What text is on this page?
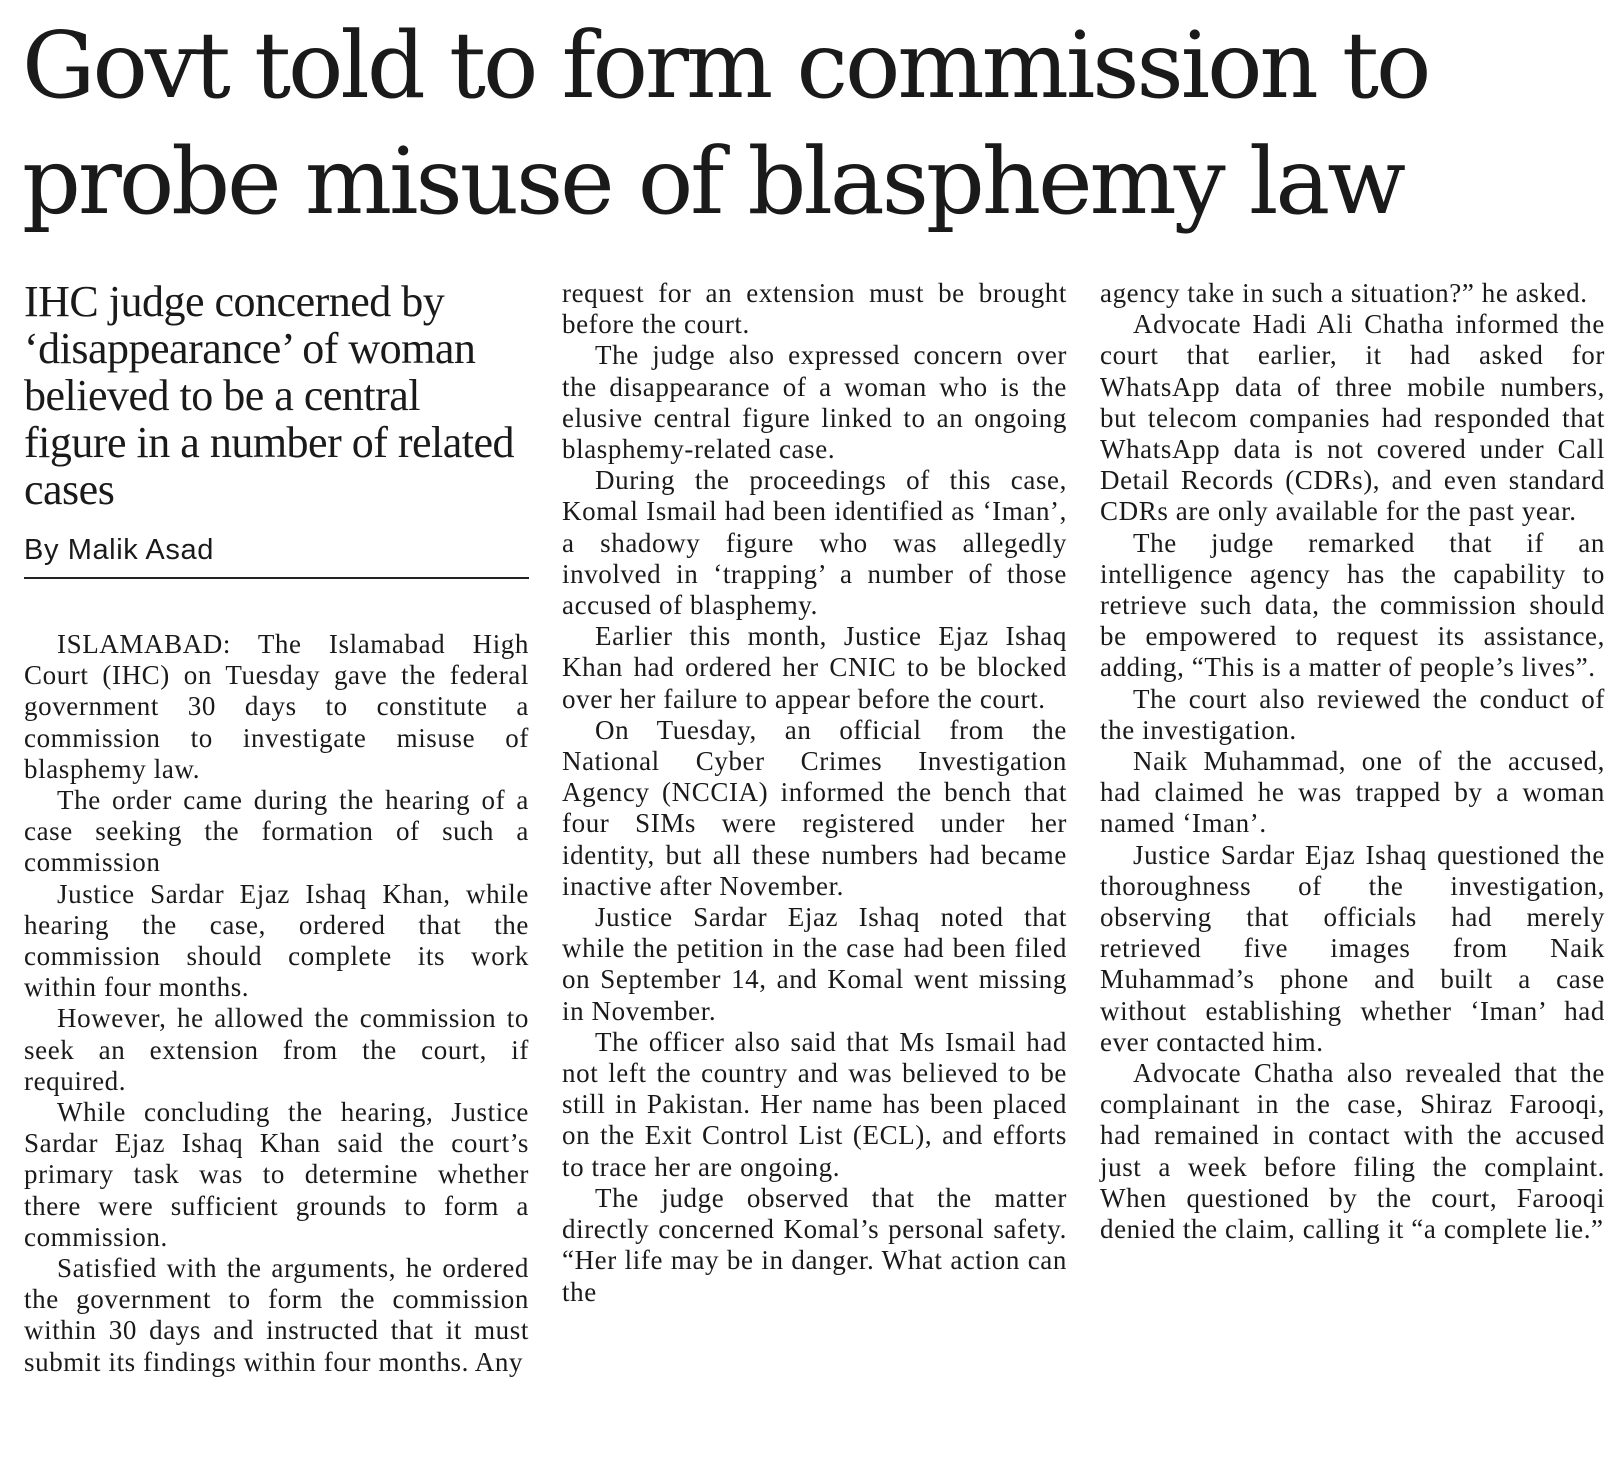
Govt told to form commission to
probe misuse of blasphemy law
IHC judge concerned by ‘disappearance’ of woman believed to be a central figure in a number of related cases
By Malik Asad

ISLAMABAD: The Islamabad High Court (IHC) on Tuesday gave the federal government 30 days to constitute a commission to investigate misuse of blasphemy law.

The order came during the hearing of a case seeking the formation of such a commission

Justice Sardar Ejaz Ishaq Khan, while hearing the case, ordered that the commission should complete its work within four months.

However, he allowed the commission to seek an extension from the court, if required.

While concluding the hearing, Justice Sardar Ejaz Ishaq Khan said the court’s primary task was to determine whether there were sufficient grounds to form a commission.

Satisfied with the arguments, he ordered the government to form the commission within 30 days and instructed that it must submit its findings within four months. Any

request for an extension must be brought before the court.

The judge also expressed concern over the disappearance of a woman who is the elusive central figure linked to an ongoing blasphemy-related case.

During the proceedings of this case, Komal Ismail had been identified as ‘Iman’, a shadowy figure who was allegedly involved in ‘trapping’ a number of those accused of blasphemy.

Earlier this month, Justice Ejaz Ishaq Khan had ordered her CNIC to be blocked over her failure to appear before the court.

On Tuesday, an official from the National Cyber Crimes Investigation Agency (NCCIA) informed the bench that four SIMs were registered under her identity, but all these numbers had became inactive after November.

Justice Sardar Ejaz Ishaq noted that while the petition in the case had been filed on September 14, and Komal went missing in November.

The officer also said that Ms Ismail had not left the country and was believed to be still in Pakistan. Her name has been placed on the Exit Control List (ECL), and efforts to trace her are ongoing.

The judge observed that the matter directly concerned Komal’s personal safety. “Her life may be in danger. What action can the

agency take in such a situation?” he asked.

Advocate Hadi Ali Chatha informed the court that earlier, it had asked for WhatsApp data of three mobile numbers, but telecom companies had responded that WhatsApp data is not covered under Call Detail Records (CDRs), and even standard CDRs are only available for the past year.

The judge remarked that if an intelligence agency has the capability to retrieve such data, the commission should be empowered to request its assistance, adding, “This is a matter of people’s lives”.

The court also reviewed the conduct of the investigation.

Naik Muhammad, one of the accused, had claimed he was trapped by a woman named ‘Iman’.

Justice Sardar Ejaz Ishaq questioned the thoroughness of the investigation, observing that officials had merely retrieved five images from Naik Muhammad’s phone and built a case without establishing whether ‘Iman’ had ever contacted him.

Advocate Chatha also revealed that the complainant in the case, Shiraz Farooqi, had remained in contact with the accused just a week before filing the complaint. When questioned by the court, Farooqi denied the claim, calling it “a complete lie.”
